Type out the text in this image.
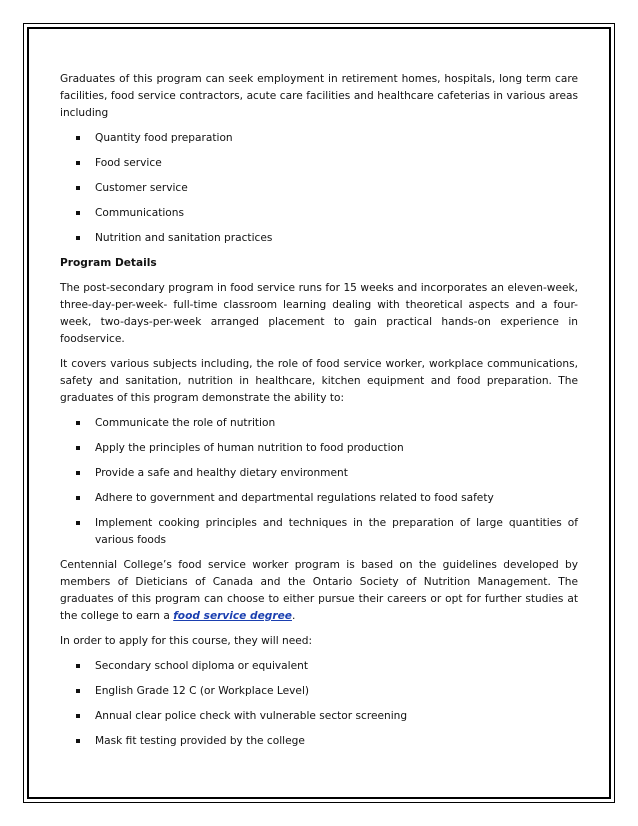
Graduates of this program can seek employment in retirement homes, hospitals, long term care facilities, food service contractors, acute care facilities and healthcare cafeterias in various areas including

Quantity food preparation
Food service
Customer service
Communications
Nutrition and sanitation practices
Program Details

The post-secondary program in food service runs for 15 weeks and incorporates an eleven-week, three-day-per-week- full-time classroom learning dealing with theoretical aspects and a four-week, two-days-per-week arranged placement to gain practical hands-on experience in foodservice.

It covers various subjects including, the role of food service worker, workplace communications, safety and sanitation, nutrition in healthcare, kitchen equipment and food preparation. The graduates of this program demonstrate the ability to:

Communicate the role of nutrition
Apply the principles of human nutrition to food production
Provide a safe and healthy dietary environment
Adhere to government and departmental regulations related to food safety
Implement cooking principles and techniques in the preparation of large quantities of various foods

Centennial College’s food service worker program is based on the guidelines developed by members of Dieticians of Canada and the Ontario Society of Nutrition Management. The graduates of this program can choose to either pursue their careers or opt for further studies at the college to earn a food service degree.

In order to apply for this course, they will need:

Secondary school diploma or equivalent
English Grade 12 C (or Workplace Level)
Annual clear police check with vulnerable sector screening
Mask fit testing provided by the college
